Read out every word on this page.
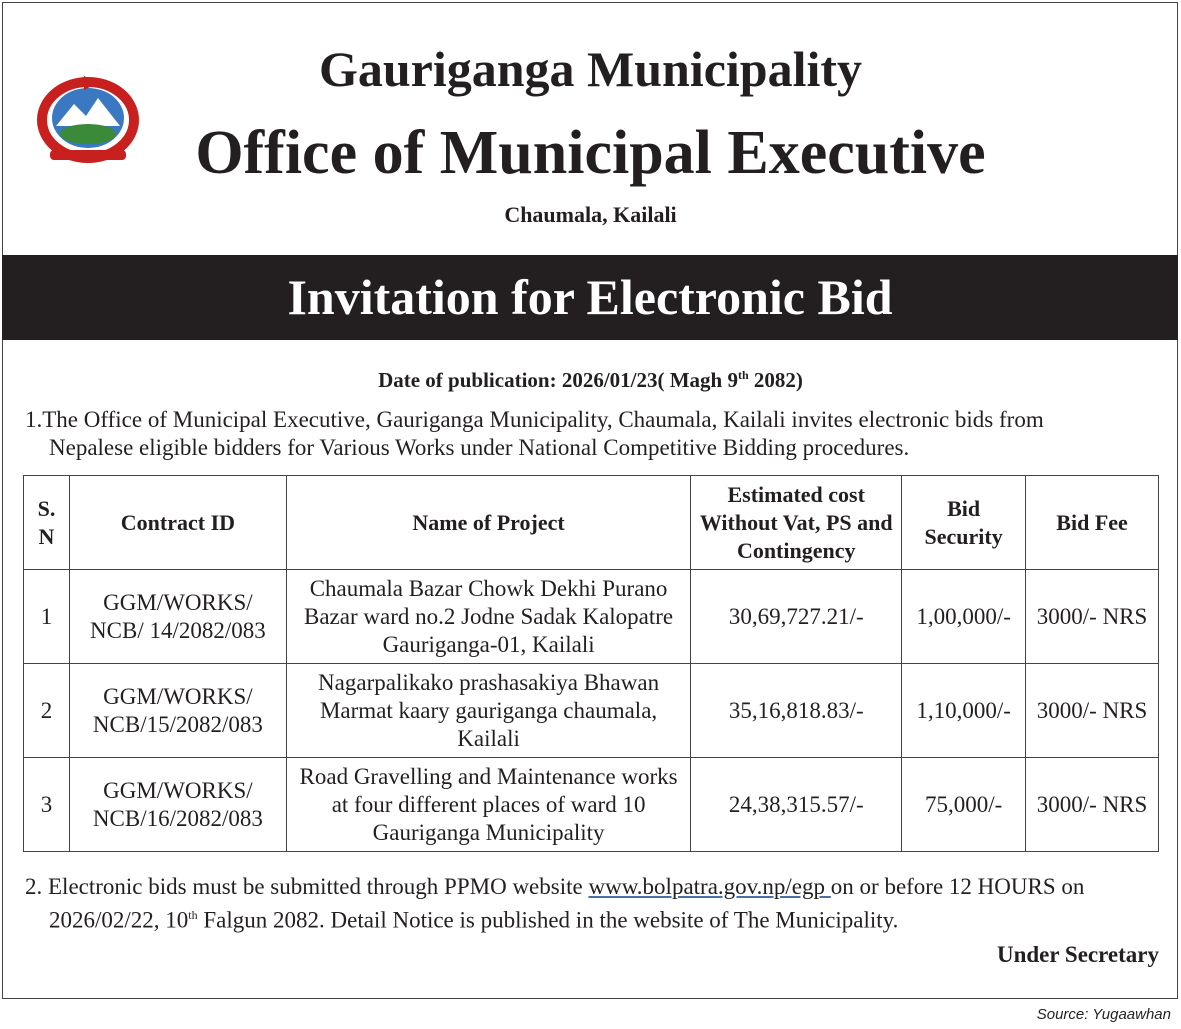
Gauriganga Municipality
Office of Municipal Executive
Chaumala, Kailali
Invitation for Electronic Bid
Date of publication: 2026/01/23( Magh 9th 2082)
1.The Office of Municipal Executive, Gauriganga Municipality, Chaumala, Kailali invites electronic bids from
Nepalese eligible bidders for Various Works under National Competitive Bidding procedures.
S. N	Contract ID	Name of Project	Estimated cost Without Vat, PS and Contingency	Bid Security	Bid Fee
1	GGM/WORKS/ NCB/ 14/2082/083	Chaumala Bazar Chowk Dekhi Purano Bazar ward no.2 Jodne Sadak Kalopatre Gauriganga-01, Kailali	30,69,727.21/-	1,00,000/-	3000/- NRS
2	GGM/WORKS/ NCB/15/2082/083	Nagarpalikako prashasakiya Bhawan Marmat kaary gauriganga chaumala, Kailali	35,16,818.83/-	1,10,000/-	3000/- NRS
3	GGM/WORKS/ NCB/16/2082/083	Road Gravelling and Maintenance works at four different places of ward 10 Gauriganga Municipality	24,38,315.57/-	75,000/-	3000/- NRS
2. Electronic bids must be submitted through PPMO website www.bolpatra.gov.np/egp on or before 12 HOURS on
2026/02/22, 10th Falgun 2082. Detail Notice is published in the website of The Municipality.
Under Secretary
Source: Yugaawhan
